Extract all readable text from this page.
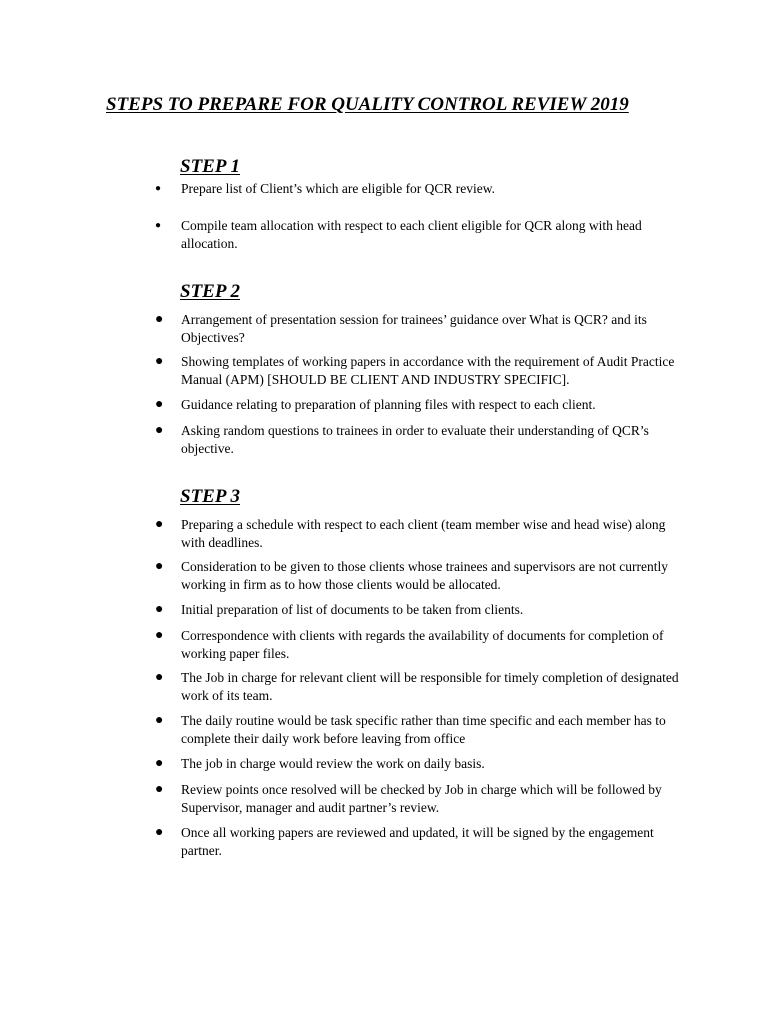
STEPS TO PREPARE FOR QUALITY CONTROL REVIEW 2019
STEP 1
● Prepare list of Client’s which are eligible for QCR review.
● Compile team allocation with respect to each client eligible for QCR along with head allocation.
STEP 2
● Arrangement of presentation session for trainees’ guidance over What is QCR? and its Objectives?
● Showing templates of working papers in accordance with the requirement of Audit Practice Manual (APM) [SHOULD BE CLIENT AND INDUSTRY SPECIFIC].
● Guidance relating to preparation of planning files with respect to each client.
● Asking random questions to trainees in order to evaluate their understanding of QCR’s objective.
STEP 3
● Preparing a schedule with respect to each client (team member wise and head wise) along with deadlines.
● Consideration to be given to those clients whose trainees and supervisors are not currently working in firm as to how those clients would be allocated.
● Initial preparation of list of documents to be taken from clients.
● Correspondence with clients with regards the availability of documents for completion of working paper files.
● The Job in charge for relevant client will be responsible for timely completion of designated work of its team.
● The daily routine would be task specific rather than time specific and each member has to complete their daily work before leaving from office
● The job in charge would review the work on daily basis.
● Review points once resolved will be checked by Job in charge which will be followed by Supervisor, manager and audit partner’s review.
● Once all working papers are reviewed and updated, it will be signed by the engagement partner.
